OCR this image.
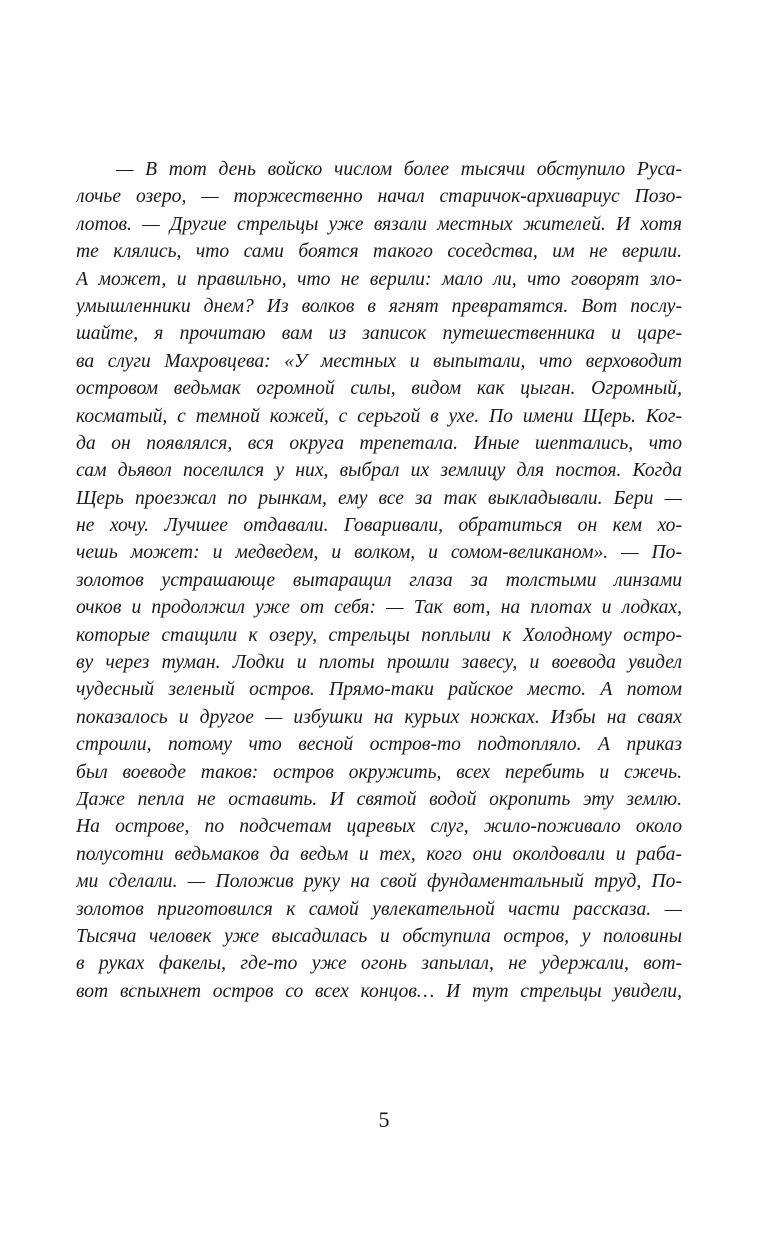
— В тот день войско числом более тысячи обступило Руса-
лочье озеро, — торжественно начал старичок-архивариус Позо-
лотов. — Другие стрельцы уже вязали местных жителей. И хотя
те клялись, что сами боятся такого соседства, им не верили.
А может, и правильно, что не верили: мало ли, что говорят зло-
умышленники днем? Из волков в ягнят превратятся. Вот послу-
шайте, я прочитаю вам из записок путешественника и царе-
ва слуги Махровцева: «У местных и выпытали, что верховодит
островом ведьмак огромной силы, видом как цыган. Огромный,
косматый, с темной кожей, с серьгой в ухе. По имени Щерь. Ког-
да он появлялся, вся округа трепетала. Иные шептались, что
сам дьявол поселился у них, выбрал их землицу для постоя. Когда
Щерь проезжал по рынкам, ему все за так выкладывали. Бери —
не хочу. Лучшее отдавали. Говаривали, обратиться он кем хо-
чешь может: и медведем, и волком, и сомом-великаном». — По-
золотов устрашающе вытаращил глаза за толстыми линзами
очков и продолжил уже от себя: — Так вот, на плотах и лодках,
которые стащили к озеру, стрельцы поплыли к Холодному остро-
ву через туман. Лодки и плоты прошли завесу, и воевода увидел
чудесный зеленый остров. Прямо-таки райское место. А потом
показалось и другое — избушки на курьих ножках. Избы на сваях
строили, потому что весной остров-то подтопляло. А приказ
был воеводе таков: остров окружить, всех перебить и сжечь.
Даже пепла не оставить. И святой водой окропить эту землю.
На острове, по подсчетам царевых слуг, жило-поживало около
полусотни ведьмаков да ведьм и тех, кого они околдовали и раба-
ми сделали. — Положив руку на свой фундаментальный труд, По-
золотов приготовился к самой увлекательной части рассказа. —
Тысяча человек уже высадилась и обступила остров, у половины
в руках факелы, где-то уже огонь запылал, не удержали, вот-
вот вспыхнет остров со всех концов… И тут стрельцы увидели,
5
